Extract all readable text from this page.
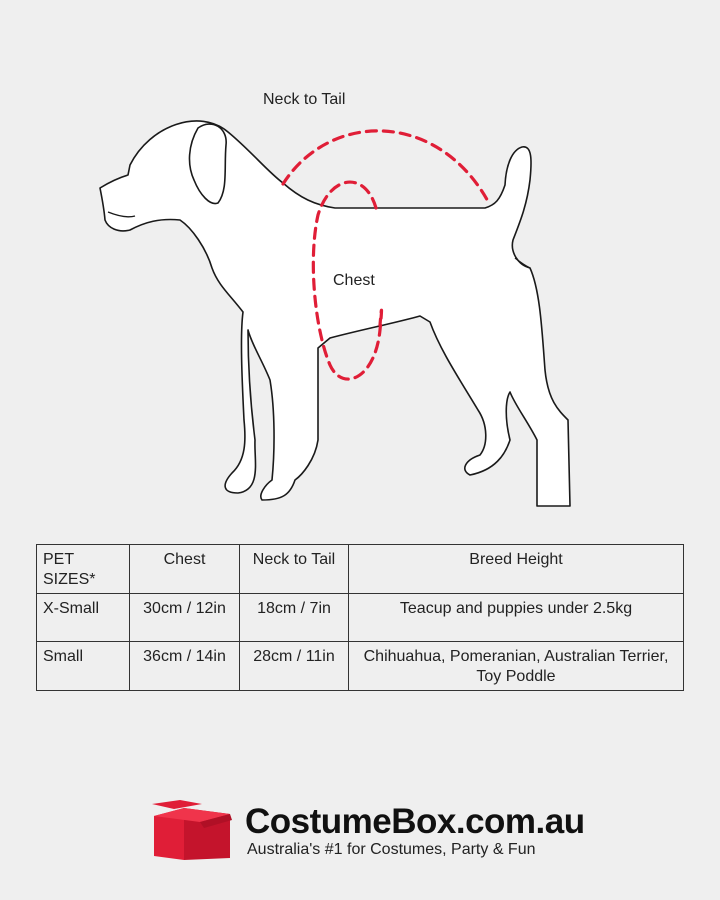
Neck to Tail
Chest
PET SIZES*	Chest	Neck to Tail	Breed Height
X-Small	30cm / 12in	18cm / 7in	Teacup and puppies under 2.5kg
Small	36cm / 14in	28cm / 11in	Chihuahua, Pomeranian, Australian Terrier, Toy Poddle
CostumeBox.com.au
Australia's #1 for Costumes, Party & Fun
